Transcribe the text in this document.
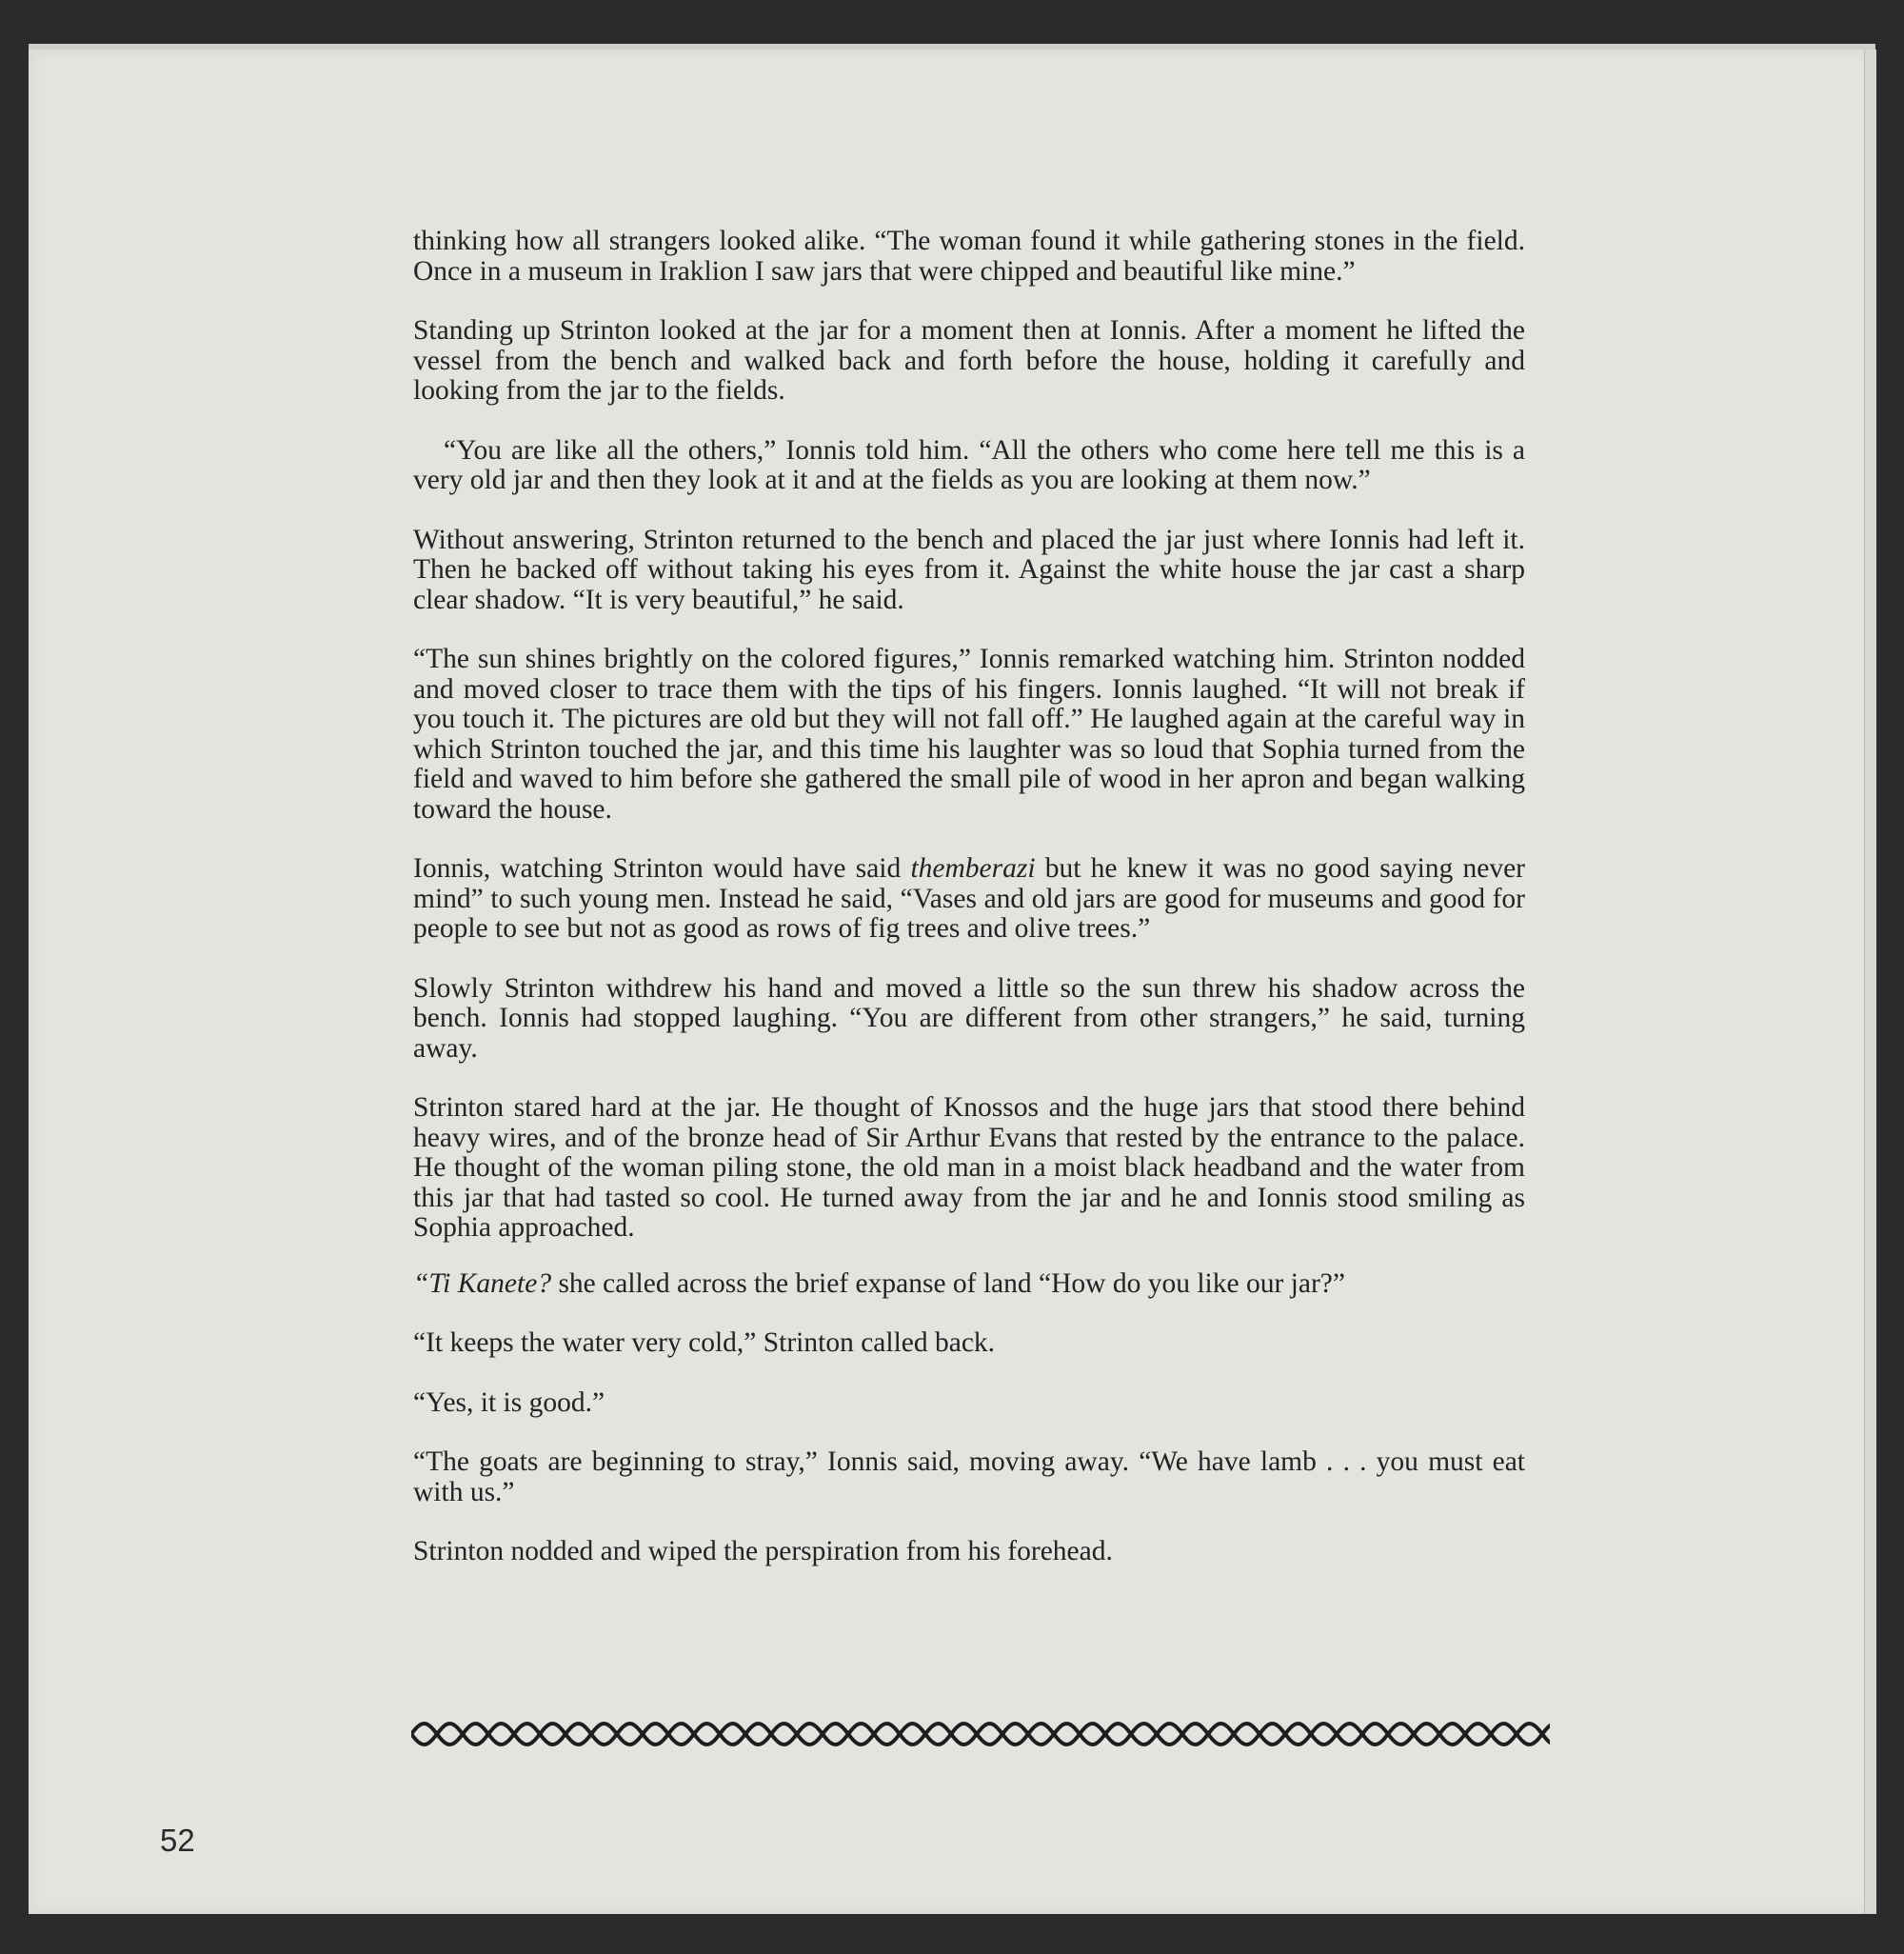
thinking how all strangers looked alike. “The woman found it while gathering stones in the field. Once in a museum in Iraklion I saw jars that were chipped and beautiful like mine.”

Standing up Strinton looked at the jar for a moment then at Ionnis. After a moment he lifted the vessel from the bench and walked back and forth before the house, holding it carefully and looking from the jar to the fields.

“You are like all the others,” Ionnis told him. “All the others who come here tell me this is a very old jar and then they look at it and at the fields as you are looking at them now.”

Without answering, Strinton returned to the bench and placed the jar just where Ionnis had left it. Then he backed off without taking his eyes from it. Against the white house the jar cast a sharp clear shadow. “It is very beautiful,” he said.

“The sun shines brightly on the colored figures,” Ionnis remarked watching him. Strinton nodded and moved closer to trace them with the tips of his fingers. Ionnis laughed. “It will not break if you touch it. The pictures are old but they will not fall off.” He laughed again at the careful way in which Strinton touched the jar, and this time his laughter was so loud that Sophia turned from the field and waved to him before she gathered the small pile of wood in her apron and began walking toward the house.

Ionnis, watching Strinton would have said themberazi but he knew it was no good saying never mind” to such young men. Instead he said, “Vases and old jars are good for museums and good for people to see but not as good as rows of fig trees and olive trees.”

Slowly Strinton withdrew his hand and moved a little so the sun threw his shadow across the bench. Ionnis had stopped laughing. “You are different from other strangers,” he said, turning away.

Strinton stared hard at the jar. He thought of Knossos and the huge jars that stood there behind heavy wires, and of the bronze head of Sir Arthur Evans that rested by the entrance to the palace. He thought of the woman piling stone, the old man in a moist black headband and the water from this jar that had tasted so cool. He turned away from the jar and he and Ionnis stood smiling as Sophia approached.

“Ti Kanete? she called across the brief expanse of land “How do you like our jar?”

“It keeps the water very cold,” Strinton called back.

“Yes, it is good.”

“The goats are beginning to stray,” Ionnis said, moving away. “We have lamb . . . you must eat with us.”

Strinton nodded and wiped the perspiration from his forehead.

52
